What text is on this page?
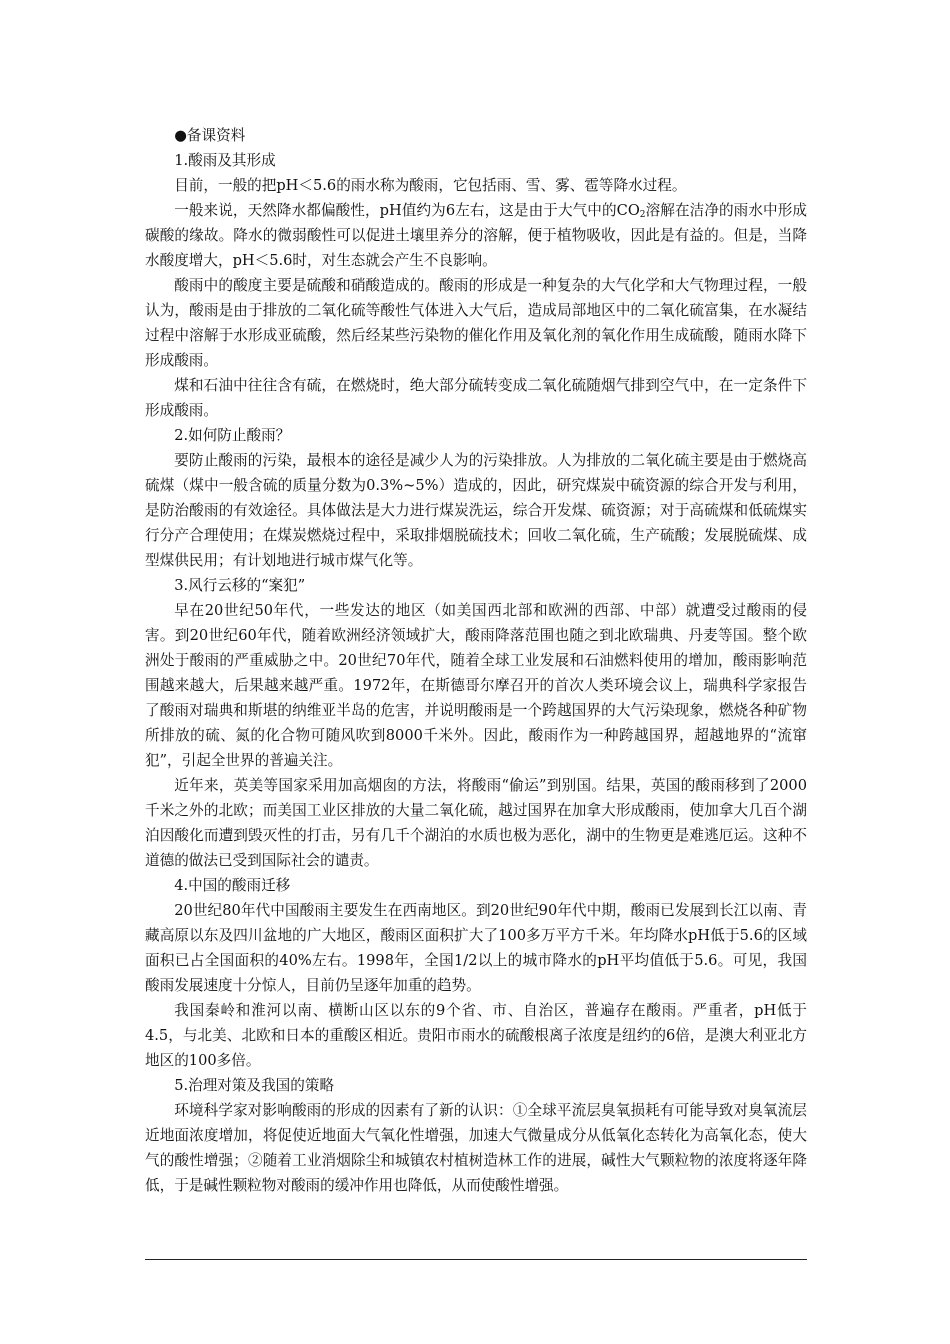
●备课资料

1.酸雨及其形成

目前，一般的把pH＜5.6的雨水称为酸雨，它包括雨、雪、雾、雹等降水过程。

一般来说，天然降水都偏酸性，pH值约为6左右，这是由于大气中的$CO_2$溶解在洁净的雨水中形成碳酸的缘故。降水的微弱酸性可以促进土壤里养分的溶解，便于植物吸收，因此是有益的。但是，当降水酸度增大，pH＜5.6时，对生态就会产生不良影响。

酸雨中的酸度主要是硫酸和硝酸造成的。酸雨的形成是一种复杂的大气化学和大气物理过程，一般认为，酸雨是由于排放的二氧化硫等酸性气体进入大气后，造成局部地区中的二氧化硫富集，在水凝结过程中溶解于水形成亚硫酸，然后经某些污染物的催化作用及氧化剂的氧化作用生成硫酸，随雨水降下形成酸雨。

煤和石油中往往含有硫，在燃烧时，绝大部分硫转变成二氧化硫随烟气排到空气中，在一定条件下形成酸雨。

2.如何防止酸雨？

要防止酸雨的污染，最根本的途径是减少人为的污染排放。人为排放的二氧化硫主要是由于燃烧高硫煤（煤中一般含硫的质量分数为0.3%~5%）造成的，因此，研究煤炭中硫资源的综合开发与利用，是防治酸雨的有效途径。具体做法是大力进行煤炭洗运，综合开发煤、硫资源；对于高硫煤和低硫煤实行分产合理使用；在煤炭燃烧过程中，采取排烟脱硫技术；回收二氧化硫，生产硫酸；发展脱硫煤、成型煤供民用；有计划地进行城市煤气化等。

3.风行云移的“案犯”

早在20世纪50年代，一些发达的地区（如美国西北部和欧洲的西部、中部）就遭受过酸雨的侵害。到20世纪60年代，随着欧洲经济领域扩大，酸雨降落范围也随之到北欧瑞典、丹麦等国。整个欧洲处于酸雨的严重威胁之中。20世纪70年代，随着全球工业发展和石油燃料使用的增加，酸雨影响范围越来越大，后果越来越严重。1972年，在斯德哥尔摩召开的首次人类环境会议上，瑞典科学家报告了酸雨对瑞典和斯堪的纳维亚半岛的危害，并说明酸雨是一个跨越国界的大气污染现象，燃烧各种矿物所排放的硫、氮的化合物可随风吹到8000千米外。因此，酸雨作为一种跨越国界，超越地界的“流窜犯”，引起全世界的普遍关注。

近年来，英美等国家采用加高烟囱的方法，将酸雨“偷运”到别国。结果，英国的酸雨移到了2000千米之外的北欧；而美国工业区排放的大量二氧化硫，越过国界在加拿大形成酸雨，使加拿大几百个湖泊因酸化而遭到毁灭性的打击，另有几千个湖泊的水质也极为恶化，湖中的生物更是难逃厄运。这种不道德的做法已受到国际社会的谴责。

4.中国的酸雨迁移

20世纪80年代中国酸雨主要发生在西南地区。到20世纪90年代中期，酸雨已发展到长江以南、青藏高原以东及四川盆地的广大地区，酸雨区面积扩大了100多万平方千米。年均降水pH低于5.6的区域面积已占全国面积的40%左右。1998年，全国1/2以上的城市降水的pH平均值低于5.6。可见，我国酸雨发展速度十分惊人，目前仍呈逐年加重的趋势。

我国秦岭和淮河以南、横断山区以东的9个省、市、自治区，普遍存在酸雨。严重者，pH低于4.5，与北美、北欧和日本的重酸区相近。贵阳市雨水的硫酸根离子浓度是纽约的6倍，是澳大利亚北方地区的100多倍。

5.治理对策及我国的策略

环境科学家对影响酸雨的形成的因素有了新的认识：①全球平流层臭氧损耗有可能导致对臭氧流层近地面浓度增加，将促使近地面大气氧化性增强，加速大气微量成分从低氧化态转化为高氧化态，使大气的酸性增强；②随着工业消烟除尘和城镇农村植树造林工作的进展，碱性大气颗粒物的浓度将逐年降低，于是碱性颗粒物对酸雨的缓冲作用也降低，从而使酸性增强。
